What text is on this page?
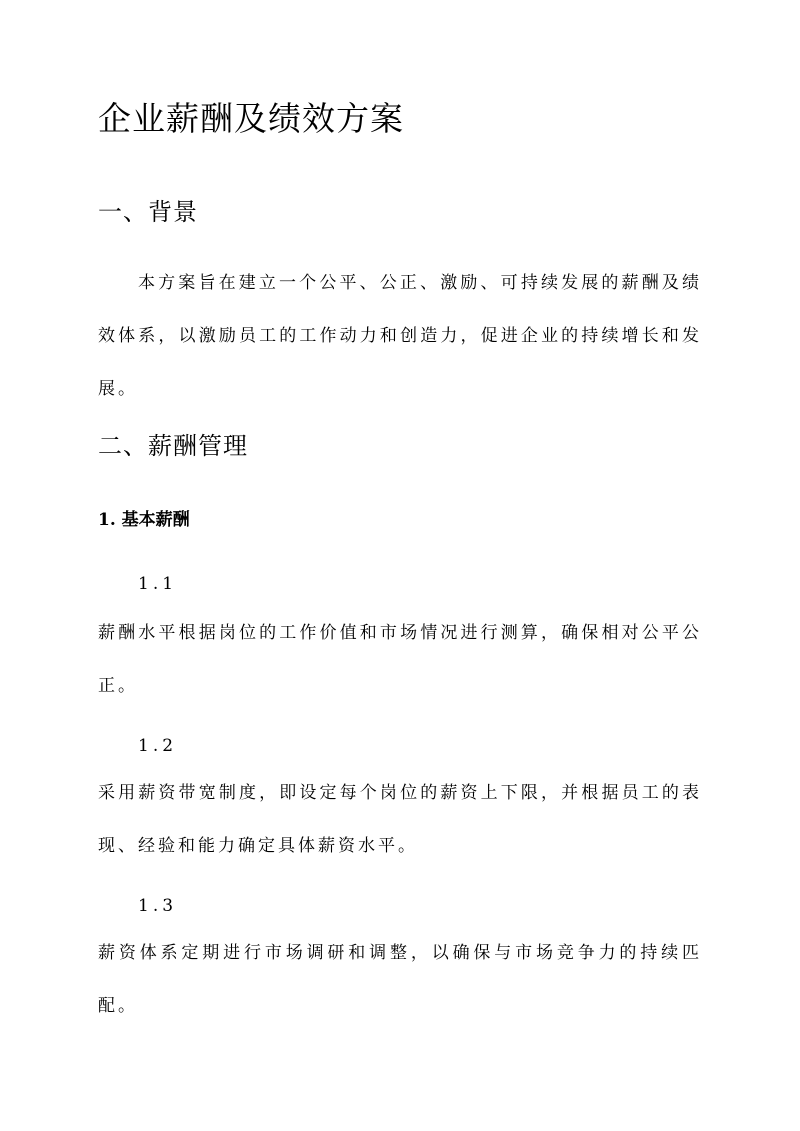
企业薪酬及绩效方案
一、背景

本方案旨在建立一个公平、公正、激励、可持续发展的薪酬及绩效体系，以激励员工的工作动力和创造力，促进企业的持续增长和发展。

二、薪酬管理
1. 基本薪酬
1.1

薪酬水平根据岗位的工作价值和市场情况进行测算，确保相对公平公正。

1.2

采用薪资带宽制度，即设定每个岗位的薪资上下限，并根据员工的表现、经验和能力确定具体薪资水平。

1.3

薪资体系定期进行市场调研和调整，以确保与市场竞争力的持续匹配。
